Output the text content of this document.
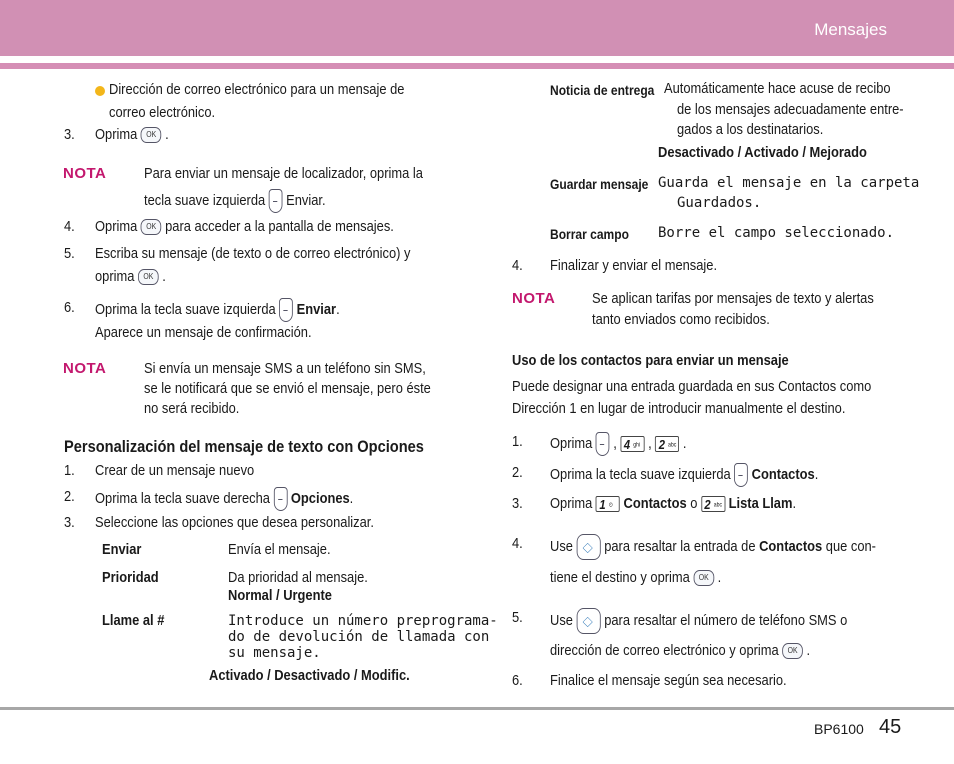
Mensajes
Dirección de correo electrónico para un mensaje de
correo electrónico.
3. Oprima OK .
NOTA	Para enviar un mensaje de localizador, oprima la
tecla suave izquierda Enviar.
4. Oprima OK para acceder a la pantalla de mensajes.
5. Escriba su mensaje (de texto o de correo electrónico) y
oprima OK .
6. Oprima la tecla suave izquierda Enviar.
Aparece un mensaje de confirmación.
NOTA	Si envía un mensaje SMS a un teléfono sin SMS,
se le notificará que se envió el mensaje, pero éste
no será recibido.
Personalización del mensaje de texto con Opciones
1. Crear de un mensaje nuevo
2. Oprima la tecla suave derecha Opciones.
3. Seleccione las opciones que desea personalizar.
Enviar	Envía el mensaje.
Prioridad	Da prioridad al mensaje.
Normal / Urgente
Llame al #	Introduce un número preprograma-
do de devolución de llamada con
su mensaje.
Activado / Desactivado / Modific.
Noticia de entrega Automáticamente hace acuse de recibo
de los mensajes adecuadamente entre-
gados a los destinatarios.
Desactivado / Activado / Mejorado
Guardar mensaje Guarda el mensaje en la carpeta
Guardados.
Borrar campo Borre el campo seleccionado.
4. Finalizar y enviar el mensaje.
NOTA Se aplican tarifas por mensajes de texto y alertas
tanto enviados como recibidos.
Uso de los contactos para enviar un mensaje
Puede designar una entrada guardada en sus Contactos como
Dirección 1 en lugar de introducir manualmente el destino.
1. Oprima  , 4 ghi , 2 abc .
2. Oprima la tecla suave izquierda Contactos.
3. Oprima 1 ⊙ Contactos o 2 abc Lista Llam.
4. Use ︿ ﹀ para resaltar la entrada de Contactos que con-
tiene el destino y oprima OK .
5. Use ︿ ﹀ para resaltar el número de teléfono SMS o
dirección de correo electrónico y oprima OK .
6. Finalice el mensaje según sea necesario.
BP6100 45
